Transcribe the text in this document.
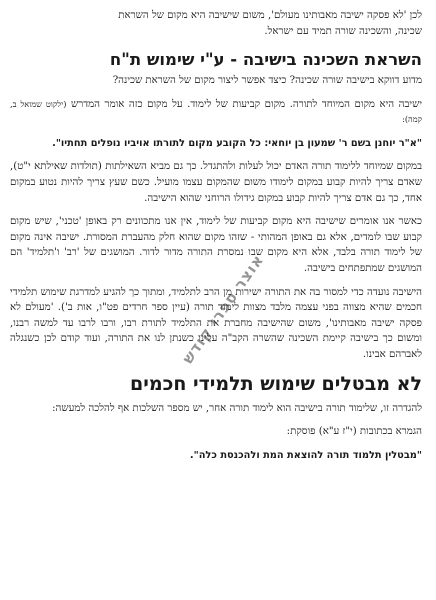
לכן 'לא פסקה ישיבה מאבותינו מעולם', משום שישיבה היא מקום של השראת
שכינה, והשכינה שורה תמיד עם ישראל.

השראת השכינה בישיבה - ע"י שימוש ת"ח

מדוע דווקא בישיבה שורה שכינה? כיצד אפשר ליצור מקום של השראת שכינה?

ישיבה היא מקום המיוחד לתורה. מקום קביעות של לימוד. על מקום כזה אומר המדרש (ילקוט שמואל ב, קמה):

"א"ר יוחנן בשם ר' שמעון בן יוחאי: כל הקובע מקום לתורתו אויביו נופלים תחתיו".

במקום שמיוחד ללימוד תורה האדם יכול לעלות ולהתגדל. כך גם מביא השאילתות (תולדות שאילתא י"ט), שאדם צריך להיות קבוע במקום לימודו משום שהמקום עצמו מועיל. כשם שעץ צריך להיות נטוע במקום אחד, כך גם אדם צריך להיות קבוע במקום גידולו הרוחני שהוא הישיבה.

כאשר אנו אומרים שישיבה היא מקום קביעות של לימוד, אין אנו מתכוונים רק באופן 'טכני', שיש מקום קבוע שבו לומדים, אלא גם באופן המהותי - שזהו מקום שהוא חלק מהעברת המסורת. ישיבה אינה מקום של לימוד תורה בלבד, אלא היא מקום שבו נמסרת התורה מדור לדור. המושגים של 'רב' ו'תלמיד' הם המושגים שמתפתחים בישיבה.

הישיבה נועדה כדי למסור בה את התורה ישירות מן הרב לתלמיד, ומתוך כך להגיע למדרגת שימוש תלמידי חכמים שהיא מצווה בפני עצמה מלבד מצוות לימוד תורה (עיין ספר חרדים פט"ו, אות ב'). 'מעולם לא פסקה ישיבה מאבותינו', משום שהישיבה מחברת את התלמיד לתורת רבו, ורבו לרבו עד למשה רבנו, ומשום כך בישיבה קיימת השכינה שהשרה הקב"ה עלינו כשנתן לנו את התורה, ועוד קודם לכן כשנגלה לאברהם אבינו.

לא מבטלים שימוש תלמידי חכמים

להגדרה זו, שלימוד תורה בישיבה הוא לימוד תורה אחר, יש מספר השלכות אף להלכה למעשה:

הגמרא בכתובות (י"ז ע"א) פוסקת:

"מבטלין תלמוד תורה להוצאת המת ולהכנסת כלה".

אוצר ספרי קודש
